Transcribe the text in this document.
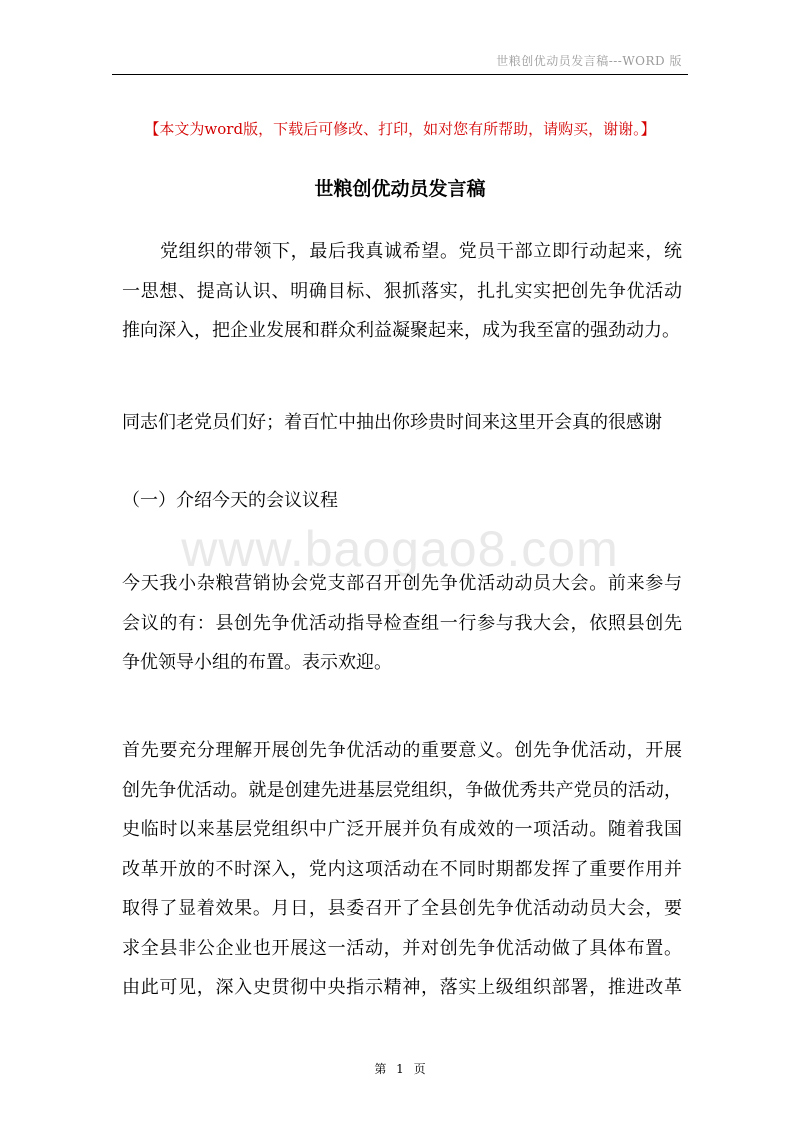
世粮创优动员发言稿---WORD 版
www.baogao8.com
【本文为word版，下载后可修改、打印，如对您有所帮助，请购买，谢谢。】
世粮创优动员发言稿
党组织的带领下，最后我真诚希望。党员干部立即行动起来，统
一思想、提高认识、明确目标、狠抓落实，扎扎实实把创先争优活动
推向深入，把企业发展和群众利益凝聚起来，成为我至富的强劲动力。
同志们老党员们好；着百忙中抽出你珍贵时间来这里开会真的很感谢
（一）介绍今天的会议议程
今天我小杂粮营销协会党支部召开创先争优活动动员大会。前来参与
会议的有：县创先争优活动指导检查组一行参与我大会，依照县创先
争优领导小组的布置。表示欢迎。
首先要充分理解开展创先争优活动的重要意义。创先争优活动，开展
创先争优活动。就是创建先进基层党组织，争做优秀共产党员的活动，
史临时以来基层党组织中广泛开展并负有成效的一项活动。随着我国
改革开放的不时深入，党内这项活动在不同时期都发挥了重要作用并
取得了显着效果。月日，县委召开了全县创先争优活动动员大会，要
求全县非公企业也开展这一活动，并对创先争优活动做了具体布置。
由此可见，深入史贯彻中央指示精神，落实上级组织部署，推进改革
第 1 页
